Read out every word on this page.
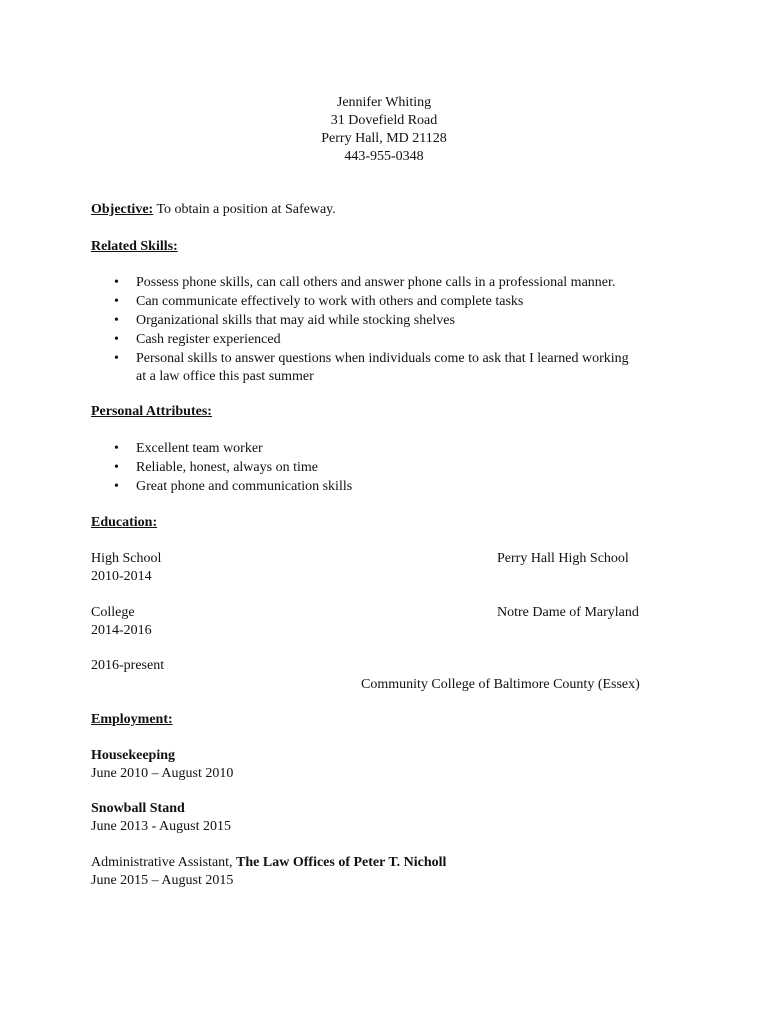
Jennifer Whiting
31 Dovefield Road
Perry Hall, MD 21128
443-955-0348
Objective: To obtain a position at Safeway.
Related Skills:
• Possess phone skills, can call others and answer phone calls in a professional manner.
• Can communicate effectively to work with others and complete tasks
• Organizational skills that may aid while stocking shelves
• Cash register experienced
• Personal skills to answer questions when individuals come to ask that I learned working
at a law office this past summer
Personal Attributes:
• Excellent team worker
• Reliable, honest, always on time
• Great phone and communication skills
Education:
High School	Perry Hall High School
2010-2014
College	Notre Dame of Maryland
2014-2016
2016-present
Community College of Baltimore County (Essex)
Employment:
Housekeeping
June 2010 – August 2010
Snowball Stand
June 2013 - August 2015
Administrative Assistant, The Law Offices of Peter T. Nicholl
June 2015 – August 2015
